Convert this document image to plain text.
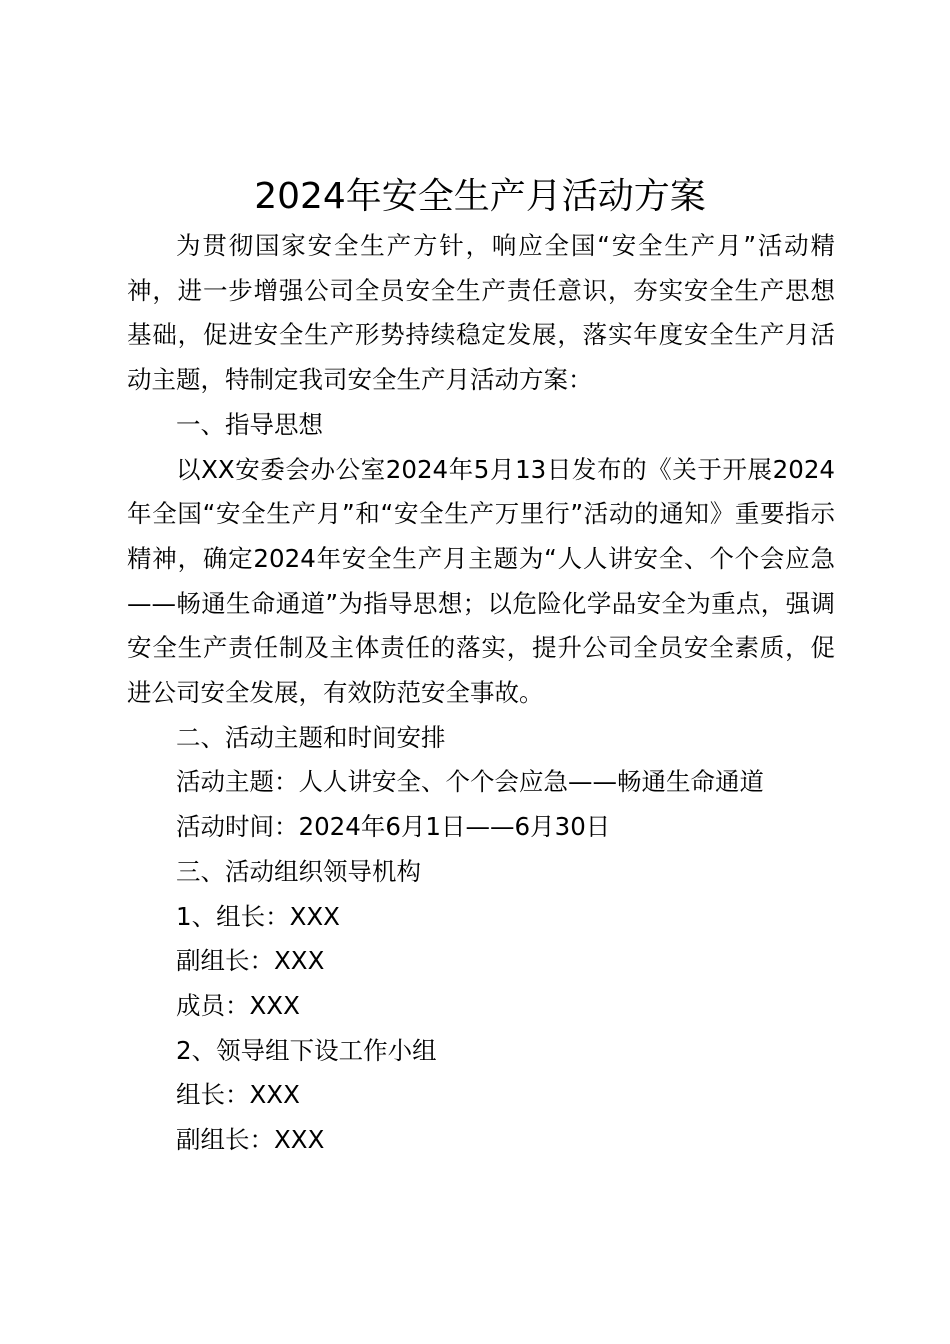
2024年安全生产月活动方案

为贯彻国家安全生产方针，响应全国“安全生产月”活动精神，进一步增强公司全员安全生产责任意识，夯实安全生产思想基础，促进安全生产形势持续稳定发展，落实年度安全生产月活动主题，特制定我司安全生产月活动方案：

一、指导思想

以XX安委会办公室2024年5月13日发布的《关于开展2024年全国“安全生产月”和“安全生产万里行”活动的通知》重要指示精神，确定2024年安全生产月主题为“人人讲安全、个个会应急——畅通生命通道”为指导思想；以危险化学品安全为重点，强调安全生产责任制及主体责任的落实，提升公司全员安全素质，促进公司安全发展，有效防范安全事故。

二、活动主题和时间安排

活动主题：人人讲安全、个个会应急——畅通生命通道

活动时间：2024年6月1日——6月30日

三、活动组织领导机构

1、组长：XXX

副组长：XXX

成员：XXX

2、领导组下设工作小组

组长：XXX

副组长：XXX
